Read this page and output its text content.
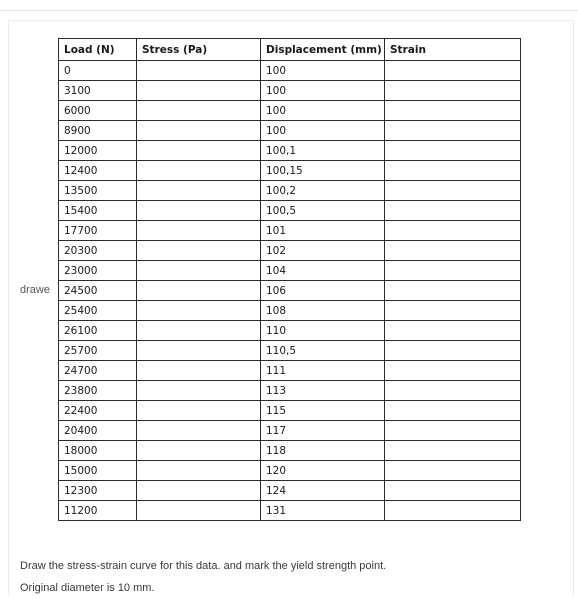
drawe
Load (N)	Stress (Pa)	Displacement (mm)	Strain
0		100	
3100		100	
6000		100	
8900		100	
12000		100,1	
12400		100,15	
13500		100,2	
15400		100,5	
17700		101	
20300		102	
23000		104	
24500		106	
25400		108	
26100		110	
25700		110,5	
24700		111	
23800		113	
22400		115	
20400		117	
18000		118	
15000		120	
12300		124	
11200		131	

Draw the stress-strain curve for this data. and mark the yield strength point.

Original diameter is 10 mm.
